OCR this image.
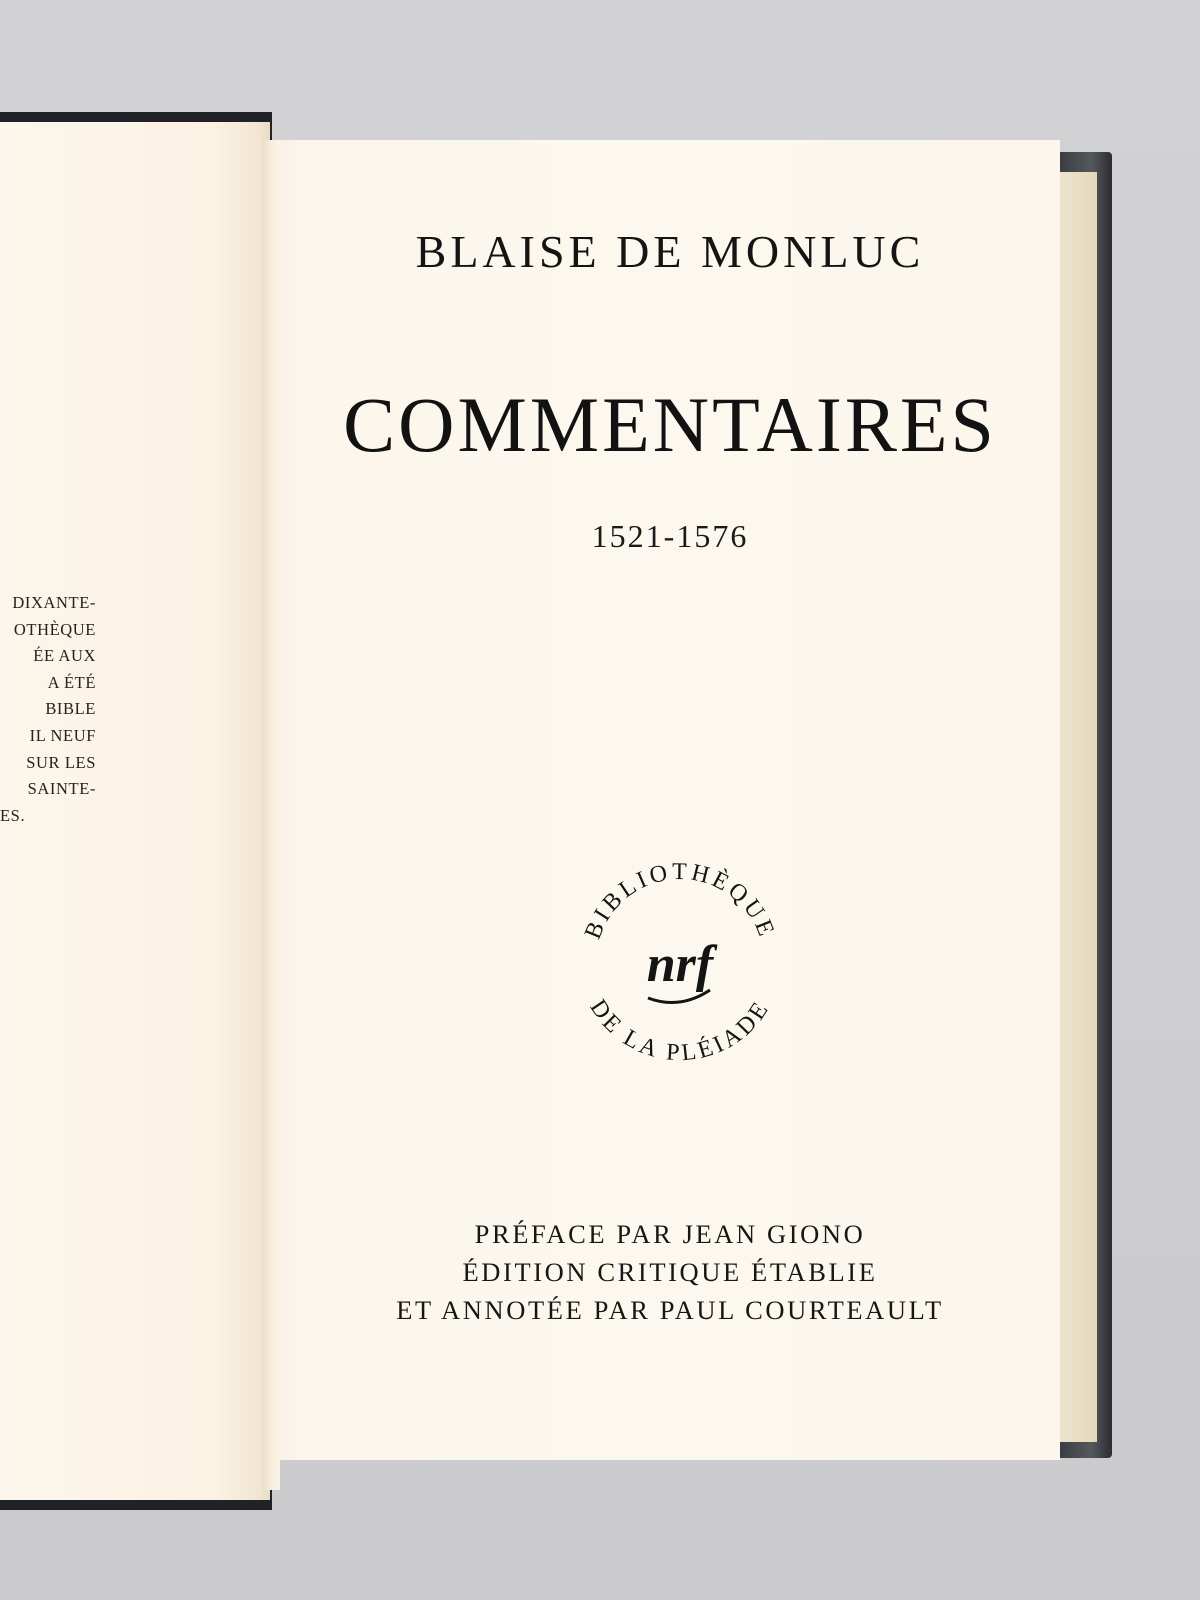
DIXANTE-
OTHÈQUE
ÉE AUX
A ÉTÉ
BIBLE
IL NEUF
SUR LES
SAINTE-
ES.
BLAISE DE MONLUC
COMMENTAIRES
1521-1576
BIBLIOTHÈQUE
DE LA PLÉIADE
nrf
PRÉFACE PAR JEAN GIONO
ÉDITION CRITIQUE ÉTABLIE
ET ANNOTÉE PAR PAUL COURTEAULT
